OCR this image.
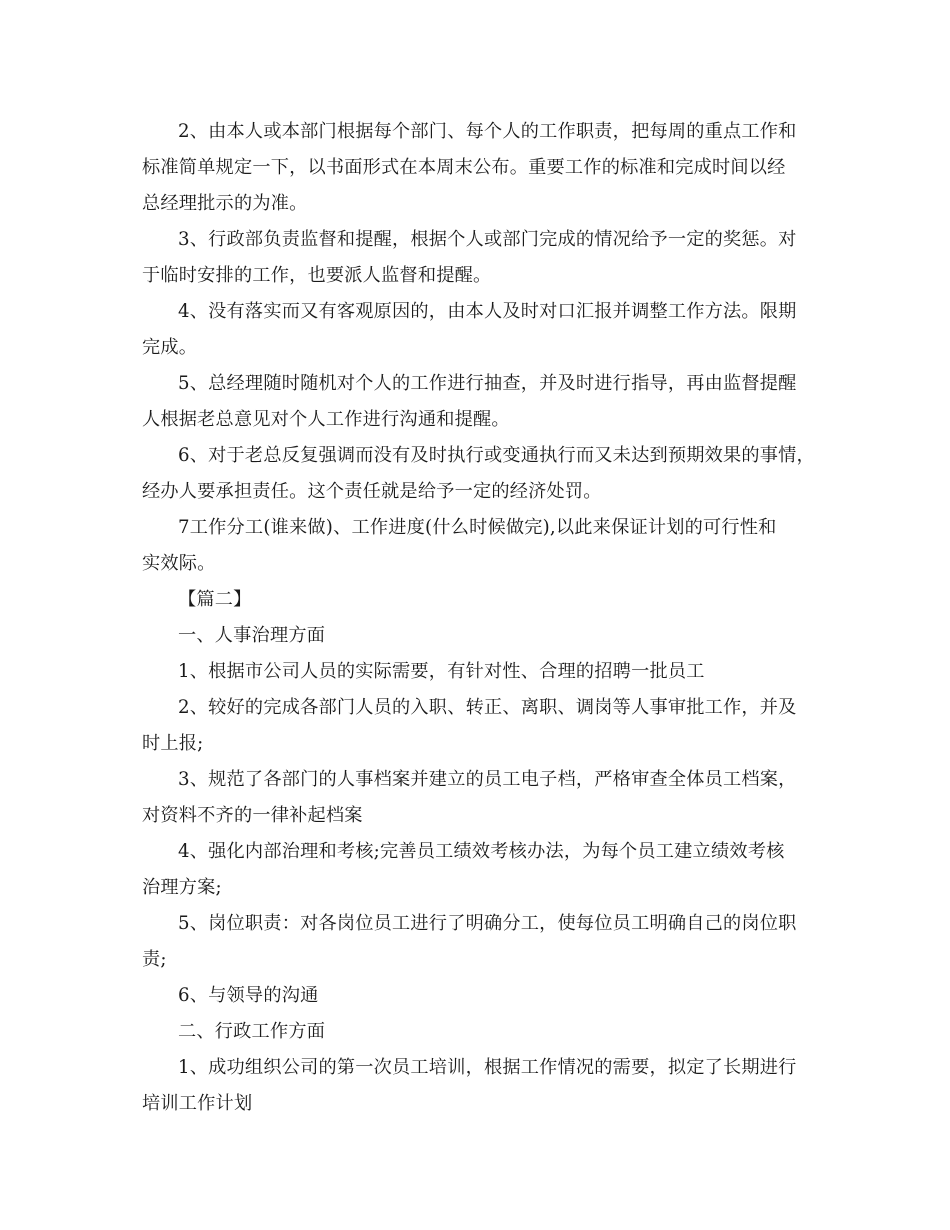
2、由本人或本部门根据每个部门、每个人的工作职责，把每周的重点工作和
标准简单规定一下，以书面形式在本周末公布。重要工作的标准和完成时间以经
总经理批示的为准。
3、行政部负责监督和提醒，根据个人或部门完成的情况给予一定的奖惩。对
于临时安排的工作，也要派人监督和提醒。
4、没有落实而又有客观原因的，由本人及时对口汇报并调整工作方法。限期
完成。
5、总经理随时随机对个人的工作进行抽查，并及时进行指导，再由监督提醒
人根据老总意见对个人工作进行沟通和提醒。
6、对于老总反复强调而没有及时执行或变通执行而又未达到预期效果的事情，
经办人要承担责任。这个责任就是给予一定的经济处罚。
7工作分工(谁来做)、工作进度(什么时候做完),以此来保证计划的可行性和
实效际。
【篇二】
一、人事治理方面
1、根据市公司人员的实际需要，有针对性、合理的招聘一批员工
2、较好的完成各部门人员的入职、转正、离职、调岗等人事审批工作，并及
时上报;
3、规范了各部门的人事档案并建立的员工电子档，严格审查全体员工档案，
对资料不齐的一律补起档案
4、强化内部治理和考核;完善员工绩效考核办法，为每个员工建立绩效考核
治理方案;
5、岗位职责：对各岗位员工进行了明确分工，使每位员工明确自己的岗位职
责;
6、与领导的沟通
二、行政工作方面
1、成功组织公司的第一次员工培训，根据工作情况的需要，拟定了长期进行
培训工作计划
